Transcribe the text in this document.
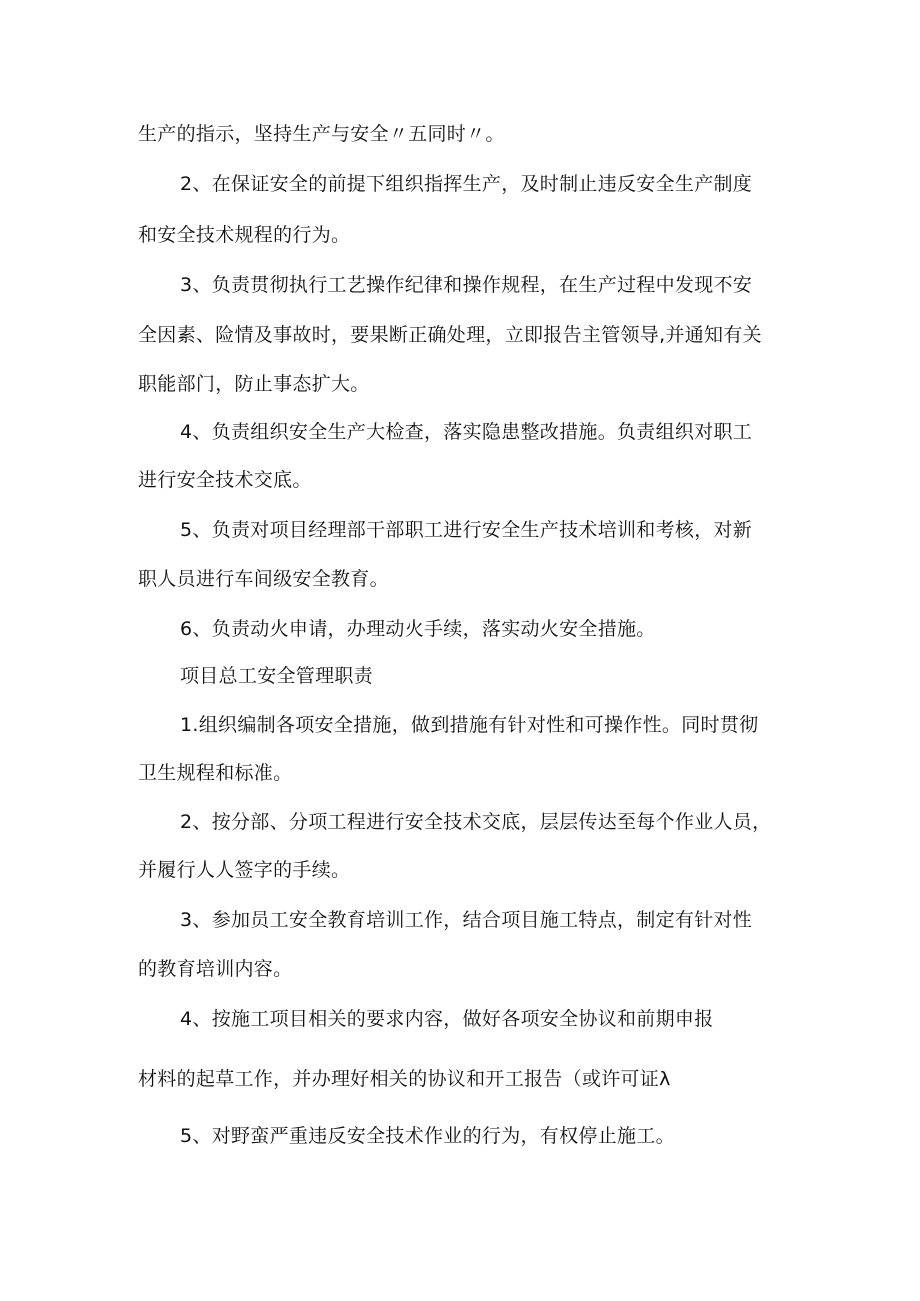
生产的指示，坚持生产与安全〃五同时〃。
2、在保证安全的前提下组织指挥生产，及时制止违反安全生产制度
和安全技术规程的行为。
3、负责贯彻执行工艺操作纪律和操作规程，在生产过程中发现不安
全因素、险情及事故时，要果断正确处理，立即报告主管领导,并通知有关
职能部门，防止事态扩大。
4、负责组织安全生产大检查，落实隐患整改措施。负责组织对职工
进行安全技术交底。
5、负责对项目经理部干部职工进行安全生产技术培训和考核，对新
职人员进行车间级安全教育。
6、负责动火申请，办理动火手续，落实动火安全措施。
项目总工安全管理职责
1.组织编制各项安全措施，做到措施有针对性和可操作性。同时贯彻
卫生规程和标准。
2、按分部、分项工程进行安全技术交底，层层传达至每个作业人员，
并履行人人签字的手续。
3、参加员工安全教育培训工作，结合项目施工特点，制定有针对性
的教育培训内容。
4、按施工项目相关的要求内容，做好各项安全协议和前期申报
材料的起草工作，并办理好相关的协议和开工报告（或许可证λ
5、对野蛮严重违反安全技术作业的行为，有权停止施工。
